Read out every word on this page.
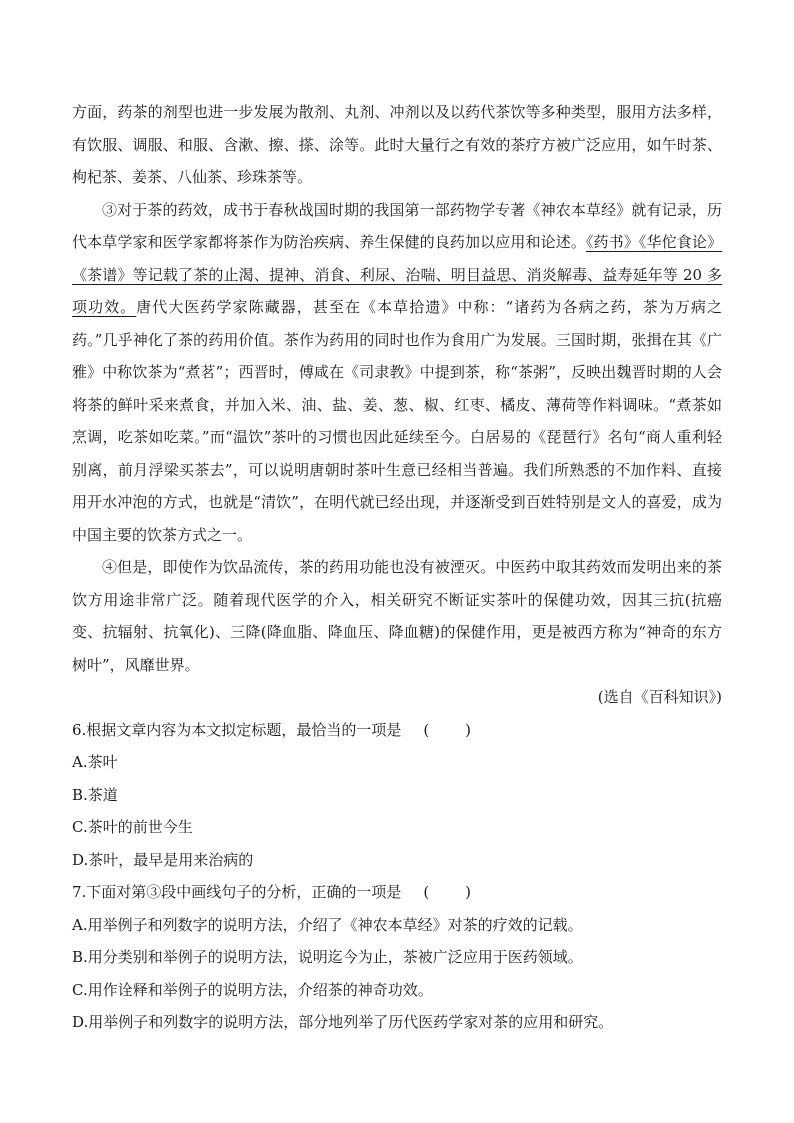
方面，药茶的剂型也进一步发展为散剂、丸剂、冲剂以及以药代茶饮等多种类型，服用方法多样，有饮服、调服、和服、含漱、擦、搽、涂等。此时大量行之有效的茶疗方被广泛应用，如午时茶、枸杞茶、姜茶、八仙茶、珍珠茶等。

③对于茶的药效，成书于春秋战国时期的我国第一部药物学专著《神农本草经》就有记录，历代本草学家和医学家都将茶作为防治疾病、养生保健的良药加以应用和论述。《药书》《华佗食论》《茶谱》等记载了茶的止渴、提神、消食、利尿、治喘、明目益思、消炎解毒、益寿延年等 20 多项功效。唐代大医药学家陈藏器，甚至在《本草拾遗》中称：“诸药为各病之药，茶为万病之药。”几乎神化了茶的药用价值。茶作为药用的同时也作为食用广为发展。三国时期，张揖在其《广雅》中称饮茶为“煮茗”；西晋时，傅咸在《司隶教》中提到茶，称“茶粥”，反映出魏晋时期的人会将茶的鲜叶采来煮食，并加入米、油、盐、姜、葱、椒、红枣、橘皮、薄荷等作料调味。“煮茶如烹调，吃茶如吃菜。”而“温饮”茶叶的习惯也因此延续至今。白居易的《琵琶行》名句“商人重利轻别离，前月浮梁买茶去”，可以说明唐朝时茶叶生意已经相当普遍。我们所熟悉的不加作料、直接用开水冲泡的方式，也就是“清饮”，在明代就已经出现，并逐渐受到百姓特别是文人的喜爱，成为中国主要的饮茶方式之一。

④但是，即使作为饮品流传，茶的药用功能也没有被湮灭。中医药中取其药效而发明出来的茶饮方用途非常广泛。随着现代医学的介入，相关研究不断证实茶叶的保健功效，因其三抗(抗癌变、抗辐射、抗氧化)、三降(降血脂、降血压、降血糖)的保健作用，更是被西方称为“神奇的东方树叶”，风靡世界。

(选自《百科知识》)

6.根据文章内容为本文拟定标题，最恰当的一项是 (　　)

A.茶叶

B.茶道

C.茶叶的前世今生

D.茶叶，最早是用来治病的

7.下面对第③段中画线句子的分析，正确的一项是 (　　)

A.用举例子和列数字的说明方法，介绍了《神农本草经》对茶的疗效的记载。

B.用分类别和举例子的说明方法，说明迄今为止，茶被广泛应用于医药领域。

C.用作诠释和举例子的说明方法，介绍茶的神奇功效。

D.用举例子和列数字的说明方法，部分地列举了历代医药学家对茶的应用和研究。
